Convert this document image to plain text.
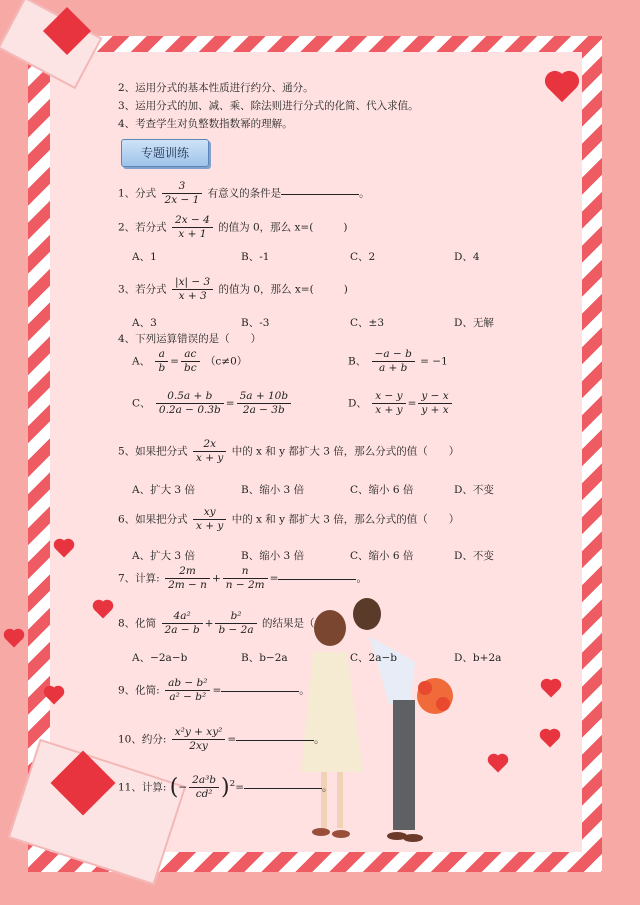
专题训练
2、运用分式的基本性质进行约分、通分。
3、运用分式的加、减、乘、除法则进行分式的化简、代入求值。
4、考查学生对负整数指数幂的理解。
1、分式 $\frac{3}{2x - 1}$ 有意义的条件是	。
2、若分式 $\frac{2x - 4}{x + 1}$ 的值为 0，那么 x=(	)
A、1	B、-1	C、2	D、4
3、若分式 $\frac{|x| - 3}{x + 3}$ 的值为 0，那么 x=(	)
A、3	B、-3	C、±3	D、无解
4、下列运算错误的是（　　）
A、 $\frac{a}{b} = \frac{ac}{bc} (c\ne 0)$	B、 $\frac{-a - b}{a + b} = -1$
C、 $\frac{0.5a + b}{0.2a - 0.3b} = \frac{5a + 10b}{2a - 3b}$	D、 $\frac{x - y}{x + y} = \frac{y - x}{y + x}$
5、如果把分式 $\frac{2x}{x + y}$ 中的 x 和 y 都扩大 3 倍，那么分式的值（　　）
A、扩大 3 倍	B、缩小 3 倍	C、缩小 6 倍	D、不变
6、如果把分式 $\frac{xy}{x + y}$ 中的 x 和 y 都扩大 3 倍，那么分式的值（　　）
A、扩大 3 倍	B、缩小 3 倍	C、缩小 6 倍	D、不变
7、计算: $\frac{2m}{2m - n} + \frac{n}{n - 2m}$ =	。
8、化简 $\frac{\text{4a²}}{2a - b} + \frac{\text{b²}}{b - 2a}$ 的结果是（
A、−2a−b	B、b−2a	C、2a−b	D、b+2a
9、化简: $\frac{\text{ab − b²}}{\text{a² − b²}}$ =	。
10、约分: $\frac{\text{x²y + xy²}}{2xy}$ =	。
11、计算: (− $\frac{\text{2a³b}}{\text{cd²}} )^2=$	。
